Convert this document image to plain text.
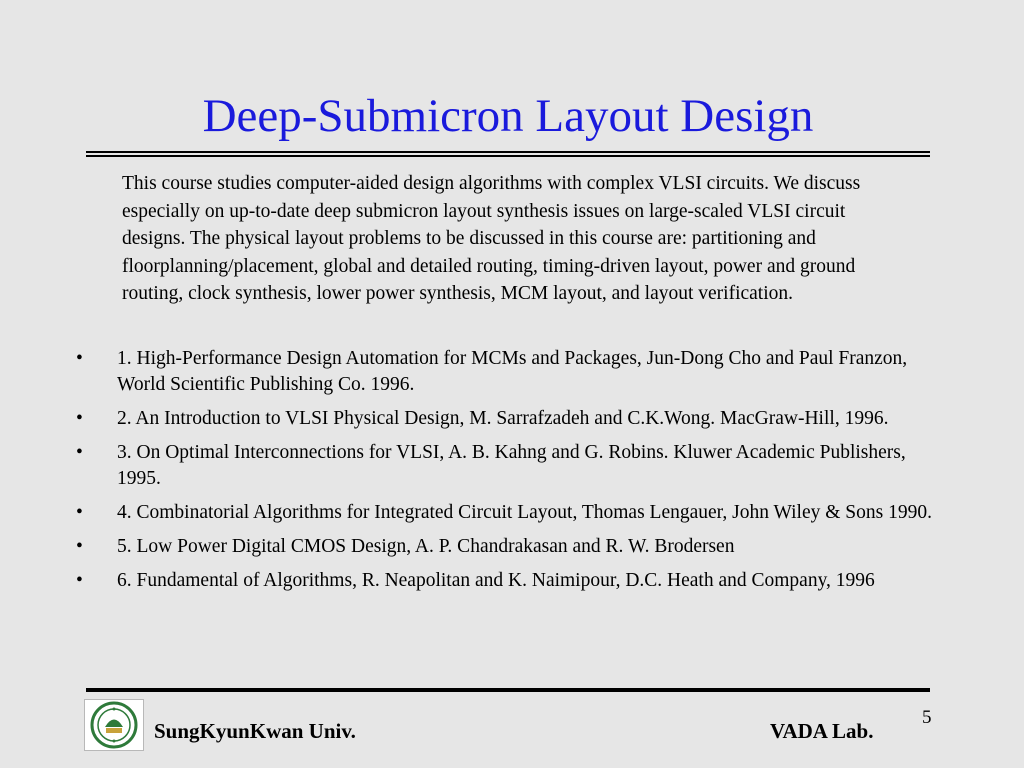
Deep-Submicron Layout Design
This course studies computer-aided design algorithms with complex VLSI circuits. We discuss especially on up-to-date deep submicron layout synthesis issues on large-scaled VLSI circuit designs. The physical layout problems to be discussed in this course are: partitioning and floorplanning/placement, global and detailed routing, timing-driven layout, power and ground routing, clock synthesis, lower power synthesis, MCM layout, and layout verification.
• 1. High-Performance Design Automation for MCMs and Packages, Jun-Dong Cho and Paul Franzon, World Scientific Publishing Co. 1996.
• 2. An Introduction to VLSI Physical Design, M. Sarrafzadeh and C.K.Wong. MacGraw-Hill, 1996.
• 3. On Optimal Interconnections for VLSI, A. B. Kahng and G. Robins. Kluwer Academic Publishers, 1995.
• 4. Combinatorial Algorithms for Integrated Circuit Layout, Thomas Lengauer, John Wiley & Sons 1990.
• 5. Low Power Digital CMOS Design, A. P. Chandrakasan and R. W. Brodersen
• 6. Fundamental of Algorithms, R. Neapolitan and K. Naimipour, D.C. Heath and Company, 1996
SungKyunKwan Univ.	VADA Lab.
5
